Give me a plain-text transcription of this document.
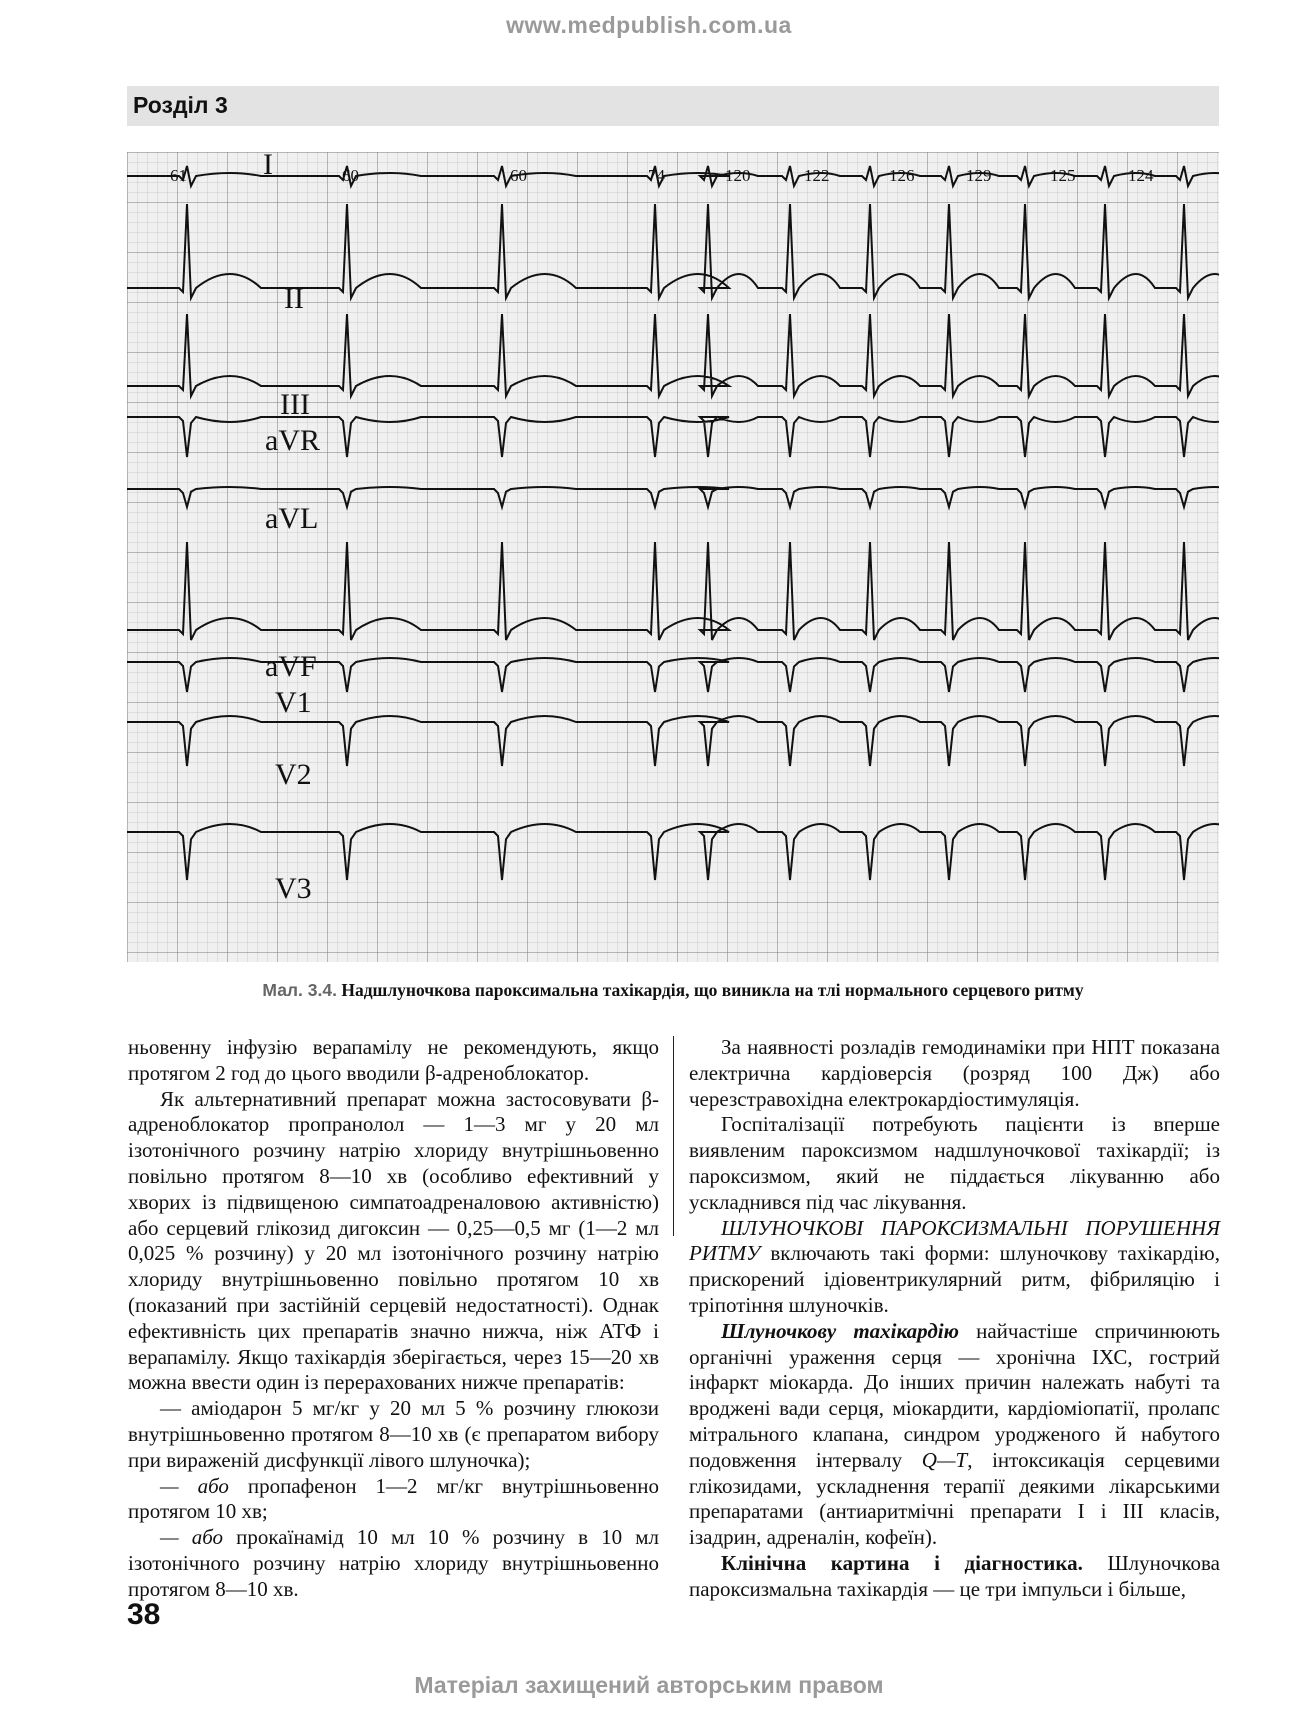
www.medpublish.com.ua
Розділ 3
I
II
III
aVR
aVL
aVF
V1
V2
V3
61	60	60	74	120	122	126	129	125	124
Мал. 3.4. Надшлуночкова пароксимальна тахікардія, що виникла на тлі нормального серцевого ритму

ньовенну інфузію верапамілу не рекомендують, якщо протягом 2 год до цього вводили β-адреноблокатор.

Як альтернативний препарат можна застосовувати β-адреноблокатор пропранолол — 1—3 мг у 20 мл ізотонічного розчину натрію хлориду внутрішньовенно повільно протягом 8—10 хв (особливо ефективний у хворих із підвищеною симпатоадреналовою активністю) або серцевий глікозид дигоксин — 0,25—0,5 мг (1—2 мл 0,025 % розчину) у 20 мл ізотонічного розчину натрію хлориду внутрішньовенно повільно протягом 10 хв (показаний при застійній серцевій недостатності). Однак ефективність цих препаратів значно нижча, ніж АТФ і верапамілу. Якщо тахікардія зберігається, через 15—20 хв можна ввести один із перерахованих нижче препаратів:

— аміодарон 5 мг/кг у 20 мл 5 % розчину глюкози внутрішньовенно протягом 8—10 хв (є препаратом вибору при вираженій дисфункції лівого шлуночка);

— або пропафенон 1—2 мг/кг внутрішньовенно протягом 10 хв;

— або прокаїнамід 10 мл 10 % розчину в 10 мл ізотонічного розчину натрію хлориду внутрішньовенно протягом 8—10 хв.

За наявності розладів гемодинаміки при НПТ показана електрична кардіоверсія (розряд 100 Дж) або черезстравохідна електрокардіостимуляція.

Госпіталізації потребують пацієнти із вперше виявленим пароксизмом надшлуночкової тахікардії; із пароксизмом, який не піддається лікуванню або ускладнився під час лікування.

ШЛУНОЧКОВІ ПАРОКСИЗМАЛЬНІ ПОРУШЕННЯ РИТМУ включають такі форми: шлуночкову тахікардію, прискорений ідіовентрикулярний ритм, фібриляцію і тріпотіння шлуночків.

Шлуночкову тахікардію найчастіше спричинюють органічні ураження серця — хронічна ІХС, гострий інфаркт міокарда. До інших причин належать набуті та вроджені вади серця, міокардити, кардіоміопатії, пролапс мітрального клапана, синдром уродженого й набутого подовження інтервалу Q—T, інтоксикація серцевими глікозидами, ускладнення терапії деякими лікарськими препаратами (антиаритмічні препарати I і III класів, ізадрин, адреналін, кофеїн).

Клінічна картина і діагностика. Шлуночкова пароксизмальна тахікардія — це три імпульси і більше,

38
Матеріал захищений авторським правом
